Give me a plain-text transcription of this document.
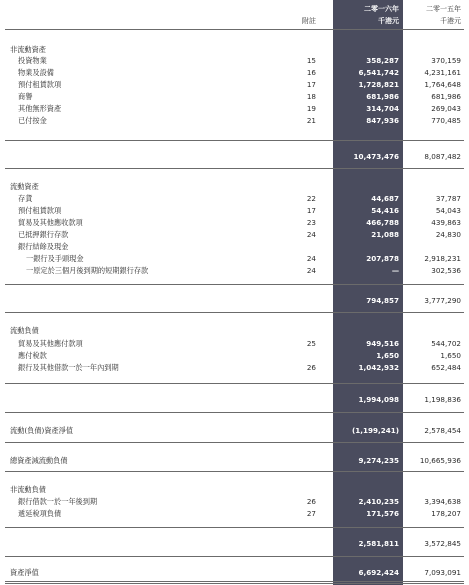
二零一六年	二零一五年
附註	千港元	千港元
非流動資產
投資物業	15	358,287	370,159
物業及設備	16	6,541,742	4,231,161
預付租賃款項	17	1,728,821	1,764,648
商譽	18	681,986	681,986
其他無形資產	19	314,704	269,043
已付按金	21	847,936	770,485
10,473,476	8,087,482
流動資產
存貨	22	44,687	37,787
預付租賃款項	17	54,416	54,043
貿易及其他應收款項	23	466,788	439,863
已抵押銀行存款	24	21,088	24,830
銀行結餘及現金
一銀行及手頭現金	24	207,878	2,918,231
一原定於三個月後到期的短期銀行存款	24	—	302,536
794,857	3,777,290
流動負債
貿易及其他應付款項	25	949,516	544,702
應付稅款	1,650	1,650
銀行及其他借款一於一年內到期	26	1,042,932	652,484
1,994,098	1,198,836
流動(負債)資產淨值	(1,199,241)	2,578,454
總資產減流動負債	9,274,235	10,665,936
非流動負債
銀行借款一於一年後到期	26	2,410,235	3,394,638
遞延稅項負債	27	171,576	178,207
2,581,811	3,572,845
資產淨值	6,692,424	7,093,091
